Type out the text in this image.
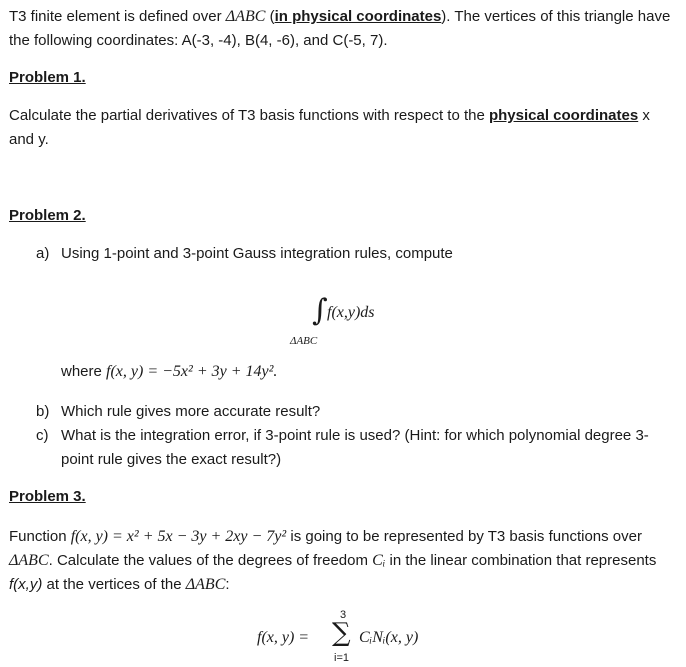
T3 finite element is defined over ΔABC (in physical coordinates). The vertices of this triangle have the following coordinates: A(-3, -4), B(4, -6), and C(-5, 7).
Problem 1.
Calculate the partial derivatives of T3 basis functions with respect to the physical coordinates x and y.
Problem 2.
a) Using 1-point and 3-point Gauss integration rules, compute
∫ f(x,y)ds
ΔABC
where f(x, y) = −5x² + 3y + 14y².
b) Which rule gives more accurate result?
c) What is the integration error, if 3-point rule is used? (Hint: for which polynomial degree 3-point rule gives the exact result?)
Problem 3.
Function f(x, y) = x² + 5x − 3y + 2xy − 7y² is going to be represented by T3 basis functions over ΔABC. Calculate the values of the degrees of freedom Cᵢ in the linear combination that represents f(x,y) at the vertices of the ΔABC:
f(x, y) =
3
∑
i=1
CᵢNᵢ(x, y)
